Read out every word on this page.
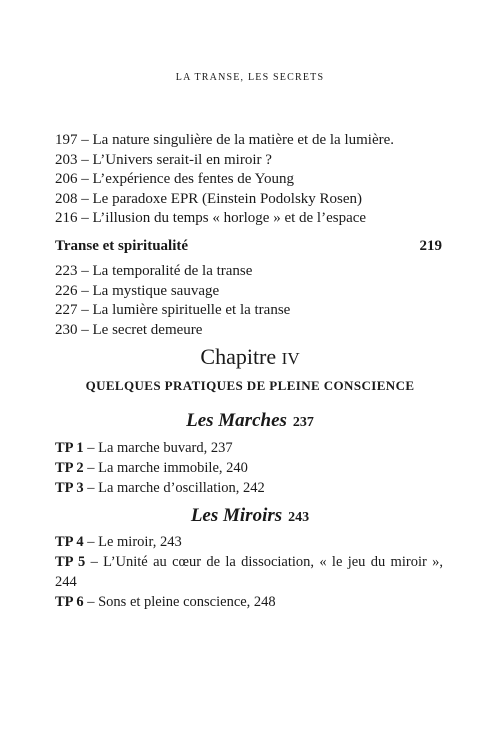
LA TRANSE, LES SECRETS
197 – La nature singulière de la matière et de la lumière.
203 – L’Univers serait-il en miroir ?
206 – L’expérience des fentes de Young
208 – Le paradoxe EPR (Einstein Podolsky Rosen)
216 – L’illusion du temps « horloge » et de l’espace
Transe et spiritualité	219
223 – La temporalité de la transe
226 – La mystique sauvage
227 – La lumière spirituelle et la transe
230 – Le secret demeure
Chapitre IV
QUELQUES PRATIQUES DE PLEINE CONSCIENCE
Les Marches 237
TP 1 – La marche buvard, 237
TP 2 – La marche immobile, 240
TP 3 – La marche d’oscillation, 242
Les Miroirs 243
TP 4 – Le miroir, 243
TP 5 – L’Unité au cœur de la dissociation, « le jeu du miroir », 244
TP 6 – Sons et pleine conscience, 248
